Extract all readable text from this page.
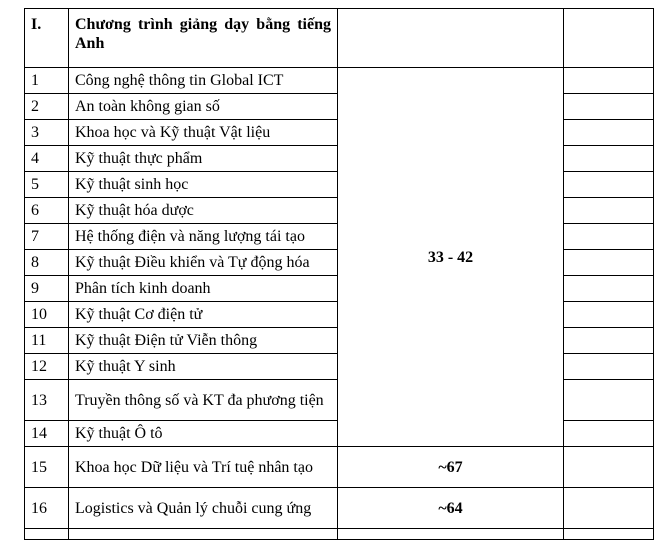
I.	Chương trình giảng dạy bằng tiếng Anh		
1	Công nghệ thông tin Global ICT	33 - 42	
2	An toàn không gian số		
3	Khoa học và Kỹ thuật Vật liệu		
4	Kỹ thuật thực phẩm		
5	Kỹ thuật sinh học		
6	Kỹ thuật hóa dược		
7	Hệ thống điện và năng lượng tái tạo		
8	Kỹ thuật Điều khiển và Tự động hóa		
9	Phân tích kinh doanh		
10	Kỹ thuật Cơ điện tử		
11	Kỹ thuật Điện tử Viễn thông		
12	Kỹ thuật Y sinh		
13	Truyền thông số và KT đa phương tiện		
14	Kỹ thuật Ô tô		
15	Khoa học Dữ liệu và Trí tuệ nhân tạo	~67	
16	Logistics và Quản lý chuỗi cung ứng	~64	
